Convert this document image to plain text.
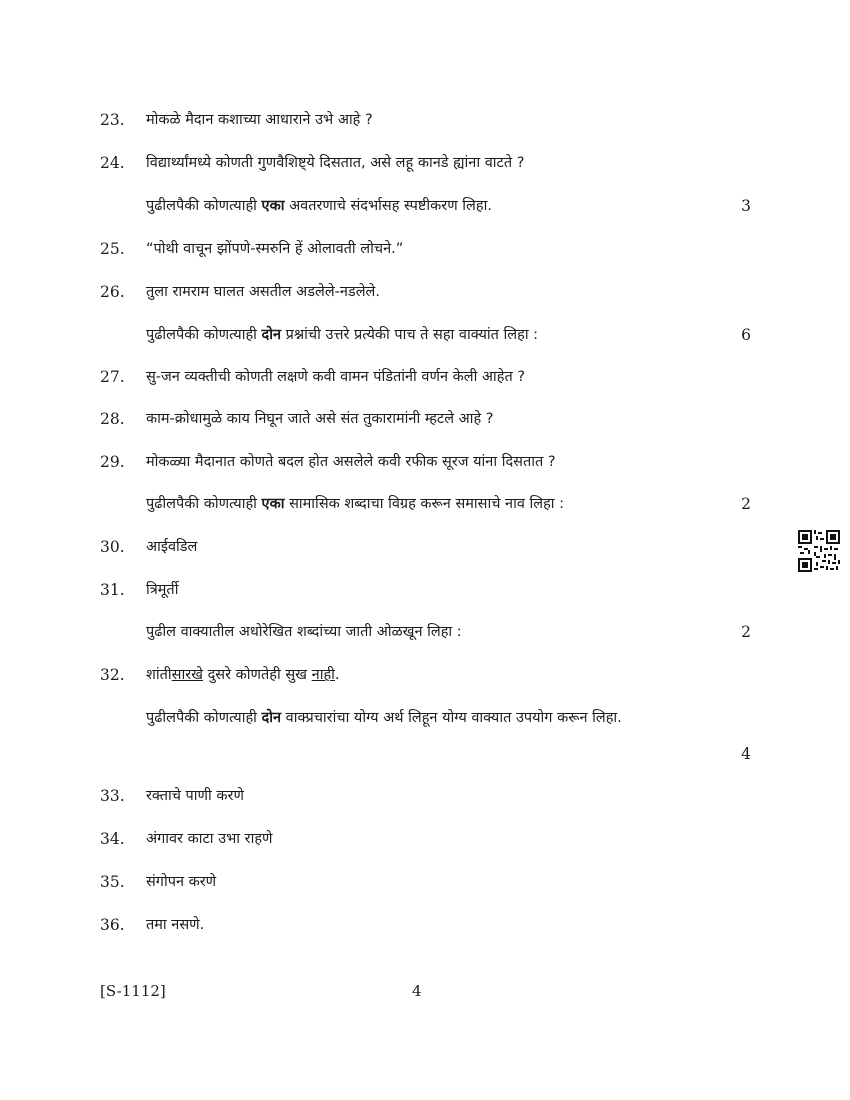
23.	मोकळे मैदान कशाच्या आधाराने उभे आहे ?
24.	विद्यार्थ्यांमध्ये कोणती गुणवैशिष्ट्ये दिसतात, असे लहू कानडे ह्यांना वाटते ?
पुढीलपैकी कोणत्याही एका अवतरणाचे संदर्भासह स्पष्टीकरण लिहा.	3
25.	“पोथी वाचून झोंपणे-स्मरुनि हें ओलावती लोचने.”
26.	तुला रामराम घालत असतील अडलेले-नडलेले.
पुढीलपैकी कोणत्याही दोन प्रश्नांची उत्तरे प्रत्येकी पाच ते सहा वाक्यांत लिहा :	6
27.	सु-जन व्यक्तीची कोणती लक्षणे कवी वामन पंडितांनी वर्णन केली आहेत ?
28.	काम-क्रोधामुळे काय निघून जाते असे संत तुकारामांनी म्हटले आहे ?
29.	मोकळ्या मैदानात कोणते बदल होत असलेले कवी रफीक सूरज यांना दिसतात ?
पुढीलपैकी कोणत्याही एका सामासिक शब्दाचा विग्रह करून समासाचे नाव लिहा :	2
30.	आईवडिल
31.	त्रिमूर्ती
पुढील वाक्यातील अधोरेखित शब्दांच्या जाती ओळखून लिहा :	2
32.	शांतीसारखे दुसरे कोणतेही सुख नाही.
पुढीलपैकी कोणत्याही दोन वाक्प्रचारांचा योग्य अर्थ लिहून योग्य वाक्यात उपयोग करून लिहा.
4
33.	रक्ताचे पाणी करणे
34.	अंगावर काटा उभा राहणे
35.	संगोपन करणे
36.	तमा नसणे.
[S-1112]	4
